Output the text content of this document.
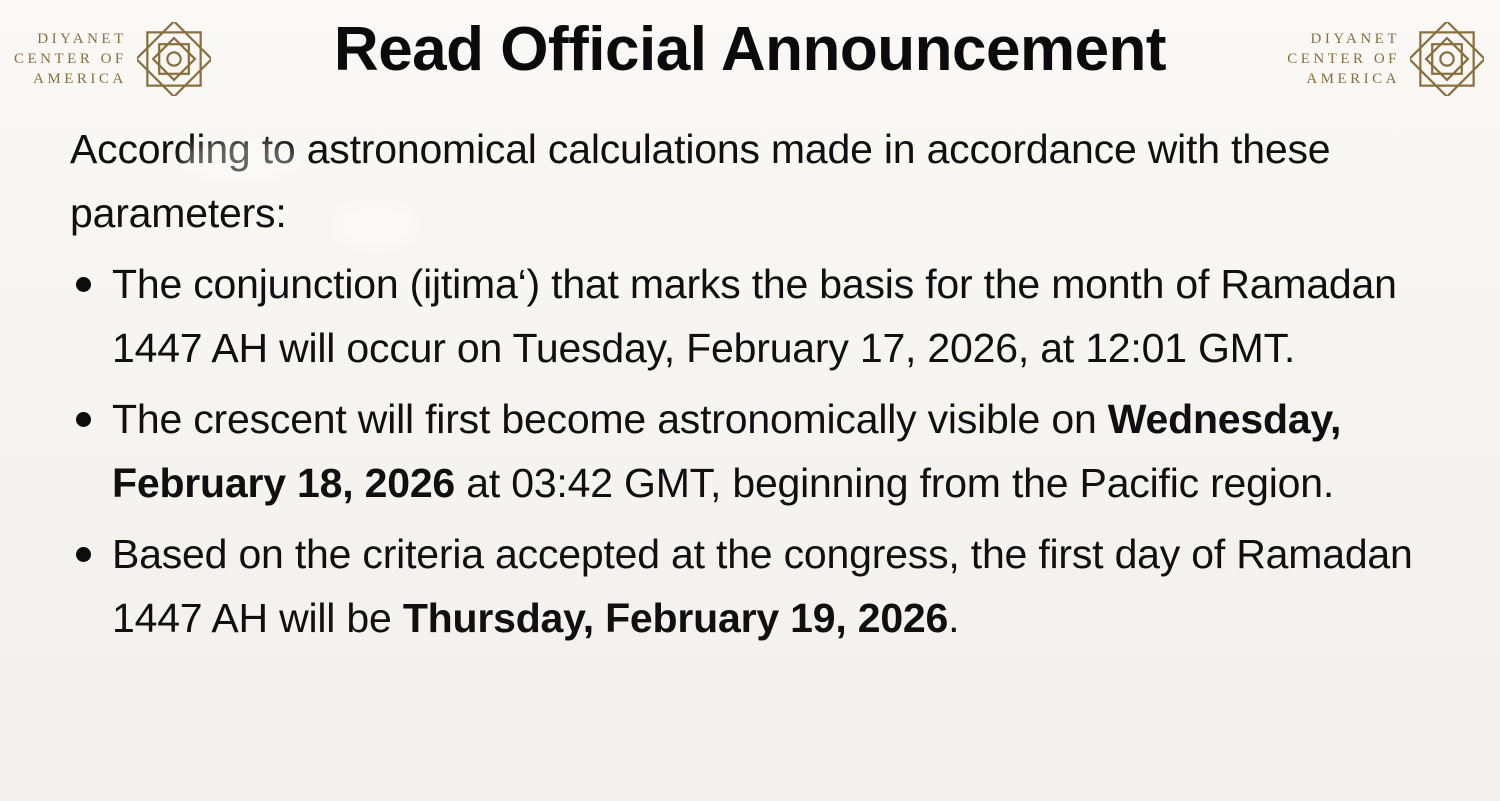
DIYANET
CENTER OF
AMERICA	Read Official Announcement	DIYANET
CENTER OF
AMERICA

According to astronomical calculations made in accordance with these parameters:

The conjunction (ijtima‘) that marks the basis for the month of Ramadan 1447 AH will occur on Tuesday, February 17, 2026, at 12:01 GMT.
The crescent will first become astronomically visible on Wednesday, February 18, 2026 at 03:42 GMT, beginning from the Pacific region.
Based on the criteria accepted at the congress, the first day of Ramadan 1447 AH will be Thursday, February 19, 2026.
